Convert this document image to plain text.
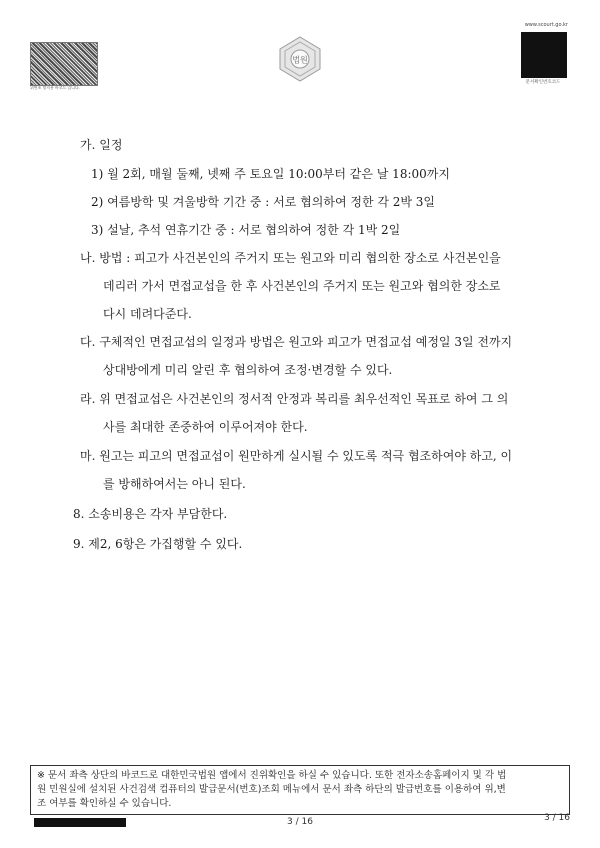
위변조 방지용 바코드 입니다.
법원
www.scourt.go.kr
문서확인번호코드
가. 일정
1) 월 2회, 매월 둘째, 넷째 주 토요일 10:00부터 같은 날 18:00까지
2) 여름방학 및 겨울방학 기간 중 : 서로 협의하여 정한 각 2박 3일
3) 설날, 추석 연휴기간 중 : 서로 협의하여 정한 각 1박 2일
나. 방법 : 피고가 사건본인의 주거지 또는 원고와 미리 협의한 장소로 사건본인을
데리러 가서 면접교섭을 한 후 사건본인의 주거지 또는 원고와 협의한 장소로
다시 데려다준다.
다. 구체적인 면접교섭의 일정과 방법은 원고와 피고가 면접교섭 예정일 3일 전까지
상대방에게 미리 알린 후 협의하여 조정·변경할 수 있다.
라. 위 면접교섭은 사건본인의 정서적 안정과 복리를 최우선적인 목표로 하여 그 의
사를 최대한 존중하여 이루어져야 한다.
마. 원고는 피고의 면접교섭이 원만하게 실시될 수 있도록 적극 협조하여야 하고, 이
를 방해하여서는 아니 된다.
8. 소송비용은 각자 부담한다.
9. 제2, 6항은 가집행할 수 있다.
※ 문서 좌측 상단의 바코드로 대한민국법원 앱에서 진위확인을 하실 수 있습니다. 또한 전자소송홈페이지 및 각 법
원 민원실에 설치된 사건검색 컴퓨터의 발급문서(번호)조회 메뉴에서 문서 좌측 하단의 발급번호를 이용하여 위,변
조 여부를 확인하실 수 있습니다.
3 / 16	3 / 16
